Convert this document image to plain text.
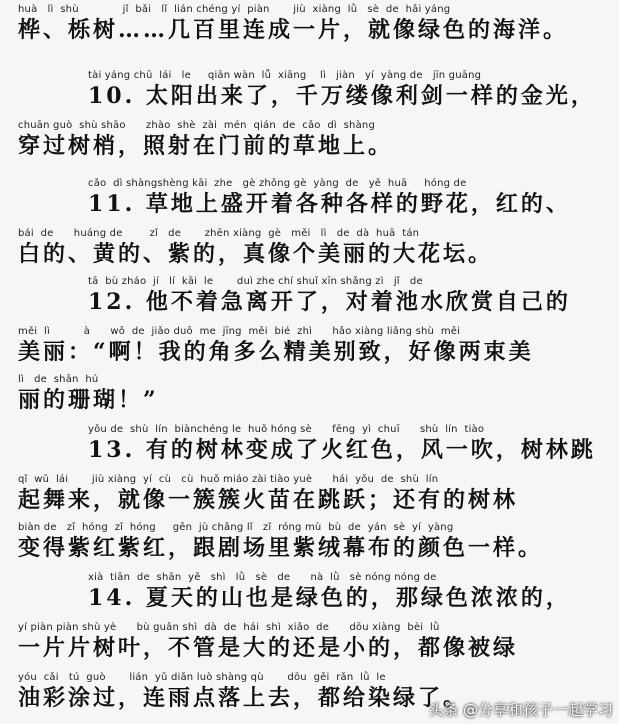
huà   lì  shù             jǐ  bǎi   lǐ  lián chéng yí  piàn       jiù  xiàng  lǜ   sè  de  hǎi yáng
桦、栎树……几百里连成一片，就像绿色的海洋。
tài yáng chū  lái   le     qiān wàn  lǚ  xiāng    lì   jiàn   yí  yàng de   jīn guāng
10. 太阳出来了，千万缕像利剑一样的金光，
chuān guò  shù shāo      zhào  shè  zài  mén  qián  de  cǎo  dì  shàng
穿过树梢，照射在门前的草地上。
cǎo  dì shàngshèng kāi  zhe   gè zhǒng gè  yàng  de   yě  huā     hóng de
11. 草地上盛开着各种各样的野花，红的、
bái  de      huáng de        zǐ   de       zhēn xiàng  gè   měi   lì   de  dà  huā  tán
白的、黄的、紫的，真像个美丽的大花坛。
tā  bù zháo  jí   lí  kāi  le       duì zhe chí shuǐ xīn shǎng zì   jǐ   de
12. 他不着急离开了，对着池水欣赏自己的
měi  lì          à      wǒ  de  jiǎo duō  me  jīng  měi  bié  zhì      hǎo xiàng liǎng shù  měi
美丽：“啊！我的角多么精美别致，好像两束美
lì   de  shān  hú
丽的珊瑚！”
yǒu de  shù  lín  biànchéng le  huǒ hóng sè      fēng  yì  chuī      shù  lín  tiào
13. 有的树林变成了火红色，风一吹，树林跳
qǐ  wǔ  lái       jiù xiàng  yí  cù   cù  huǒ miáo zài tiào yuè      hái  yǒu  de  shù  lín
起舞来，就像一簇簇火苗在跳跃；还有的树林
biàn de   zǐ  hóng  zǐ  hóng     gēn  jù chǎng lǐ   zǐ  róng mù  bù  de  yán  sè  yí  yàng
变得紫红紫红，跟剧场里紫绒幕布的颜色一样。
xià  tiān  de  shān  yě   shì   lǜ   sè   de      nà  lǜ   sè nóng nóng de
14. 夏天的山也是绿色的，那绿色浓浓的，
yí piàn piàn shù yè      bù guǎn shì  dà  de  hái  shì  xiǎo  de      dōu xiàng  bèi  lǜ
一片片树叶，不管是大的还是小的，都像被绿
yóu  cǎi   tú  guò       lián  yǔ diǎn luò shàng qù       dōu  gěi  rǎn  lǜ  le
油彩涂过，连雨点落上去，都给染绿了。
头条 @分享和孩子一起学习
